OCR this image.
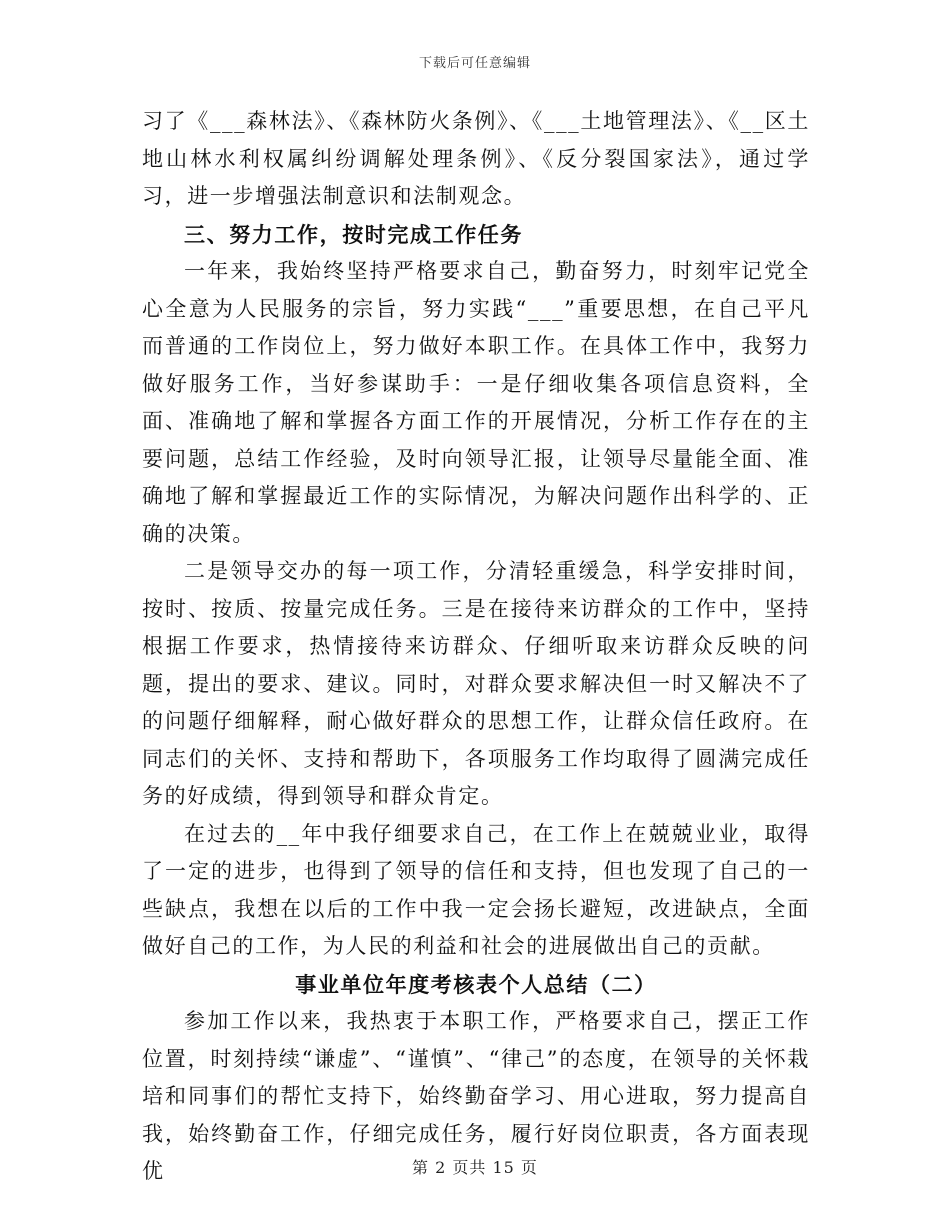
下载后可任意编辑

习了《___森林法》、《森林防火条例》、《___土地管理法》、《__区土地山林水利权属纠纷调解处理条例》、《反分裂国家法》，通过学习，进一步增强法制意识和法制观念。

三、努力工作，按时完成工作任务

一年来，我始终坚持严格要求自己，勤奋努力，时刻牢记党全心全意为人民服务的宗旨，努力实践“___”重要思想，在自己平凡而普通的工作岗位上，努力做好本职工作。在具体工作中，我努力做好服务工作，当好参谋助手：一是仔细收集各项信息资料，全面、准确地了解和掌握各方面工作的开展情况，分析工作存在的主要问题，总结工作经验，及时向领导汇报，让领导尽量能全面、准确地了解和掌握最近工作的实际情况，为解决问题作出科学的、正确的决策。

二是领导交办的每一项工作，分清轻重缓急，科学安排时间，按时、按质、按量完成任务。三是在接待来访群众的工作中，坚持根据工作要求，热情接待来访群众、仔细听取来访群众反映的问题，提出的要求、建议。同时，对群众要求解决但一时又解决不了的问题仔细解释，耐心做好群众的思想工作，让群众信任政府。在同志们的关怀、支持和帮助下，各项服务工作均取得了圆满完成任务的好成绩，得到领导和群众肯定。

在过去的__年中我仔细要求自己，在工作上在兢兢业业，取得了一定的进步，也得到了领导的信任和支持，但也发现了自己的一些缺点，我想在以后的工作中我一定会扬长避短，改进缺点，全面做好自己的工作，为人民的利益和社会的进展做出自己的贡献。

事业单位年度考核表个人总结（二）

参加工作以来，我热衷于本职工作，严格要求自己，摆正工作位置，时刻持续“谦虚”、“谨慎”、“律己”的态度，在领导的关怀栽培和同事们的帮忙支持下，始终勤奋学习、用心进取，努力提高自我，始终勤奋工作，仔细完成任务，履行好岗位职责，各方面表现优	第 2 页共 15 页
